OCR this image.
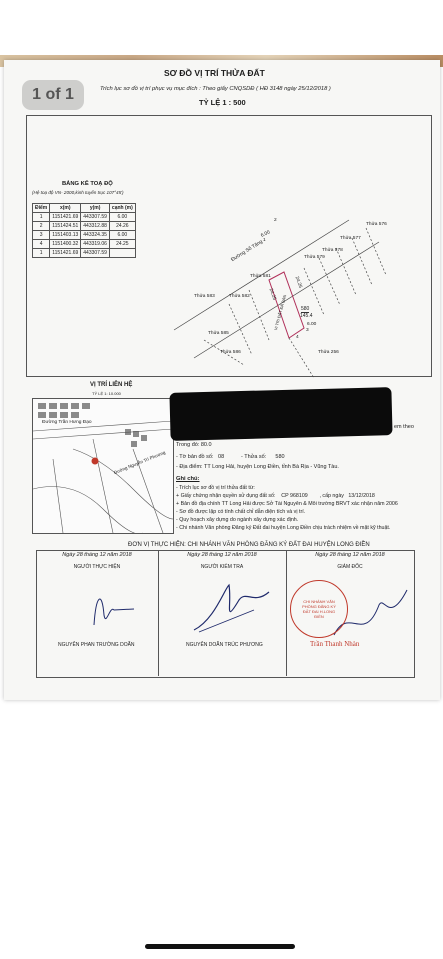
SƠ ĐỒ VỊ TRÍ THỬA ĐẤT
Trích lục sơ đồ vị trí phục vụ mục đích : Theo giấy CNQSDĐ ( HĐ 3148 ngày 25/12/2018 )
TỶ LỆ 1 : 500
BẢNG KÊ TOẠ ĐỘ
(Hệ toạ độ VN- 2000,kinh tuyến trục 107°45')
Điểm	x(m)	y(m)	cạnh (m)
1	1151421.69	443307.59	6.00
2	1151424.51	443312.88	24.26
3	1151403.13	443324.35	6.00
4	1151400.32	443319.06	24.25
1	1151421.69	443307.59		Đường Số Tăng
Thửa 576
Thửa 577
Thửa 578
Thửa 579
Thửa 581
Thửa 583	Thửa 582
Thửa 585
Thửa 586	Thửa 256
580
145.4
VI TRI ĐẤT ĐÃ BÁN
6.00
24.26
24.25
6.00
1
2
3
4
VỊ TRÍ LIÊN HỆ
TỶ LỆ 1: 10.000
Đường Trần Hưng Đạo
Đường Nguyễn Trí Phương
em theo
Trong đó: 80.0
- Tờ bản đồ số:   08           - Thửa số:      580
- Địa điểm: TT Long Hải, huyện Long Điền, tỉnh Bà Rịa - Vũng Tàu.
Ghi chú:
- Trích lục sơ đồ vị trí thửa đất từ:
+ Giấy chứng nhận quyền sử dụng đất số:    CP 968109        , cấp ngày   13/12/2018
+ Bản đồ địa chính TT Long Hải được Sở Tài Nguyên & Môi trường BRVT xác nhận năm 2006
- Sơ đồ được lập có tính chất chỉ dẫn diện tích và vị trí.
- Quy hoạch xây dựng do ngành xây dựng xác định.
- Chi nhánh Văn phòng Đăng ký Đất đai huyện Long Điền chịu trách nhiệm về mặt kỹ thuật.
ĐƠN VỊ THỰC HIỆN: CHI NHÁNH VĂN PHÒNG ĐĂNG KÝ ĐẤT ĐAI HUYỆN LONG ĐIỀN
Ngày 28 tháng 12 năm 2018
NGƯỜI THỰC HIỆN
Ngày 28 tháng 12 năm 2018
NGƯỜI KIỂM TRA
Ngày 28 tháng 12 năm 2018
GIÁM ĐỐC
CHI NHÁNH VĂN PHÒNG ĐĂNG KÝ ĐẤT ĐAI H.LONG ĐIỀN
NGUYỄN PHAN TRƯỜNG DOÃN	NGUYỄN DOÃN TRÚC PHƯƠNG	Trần Thanh Nhàn
1 of 1
